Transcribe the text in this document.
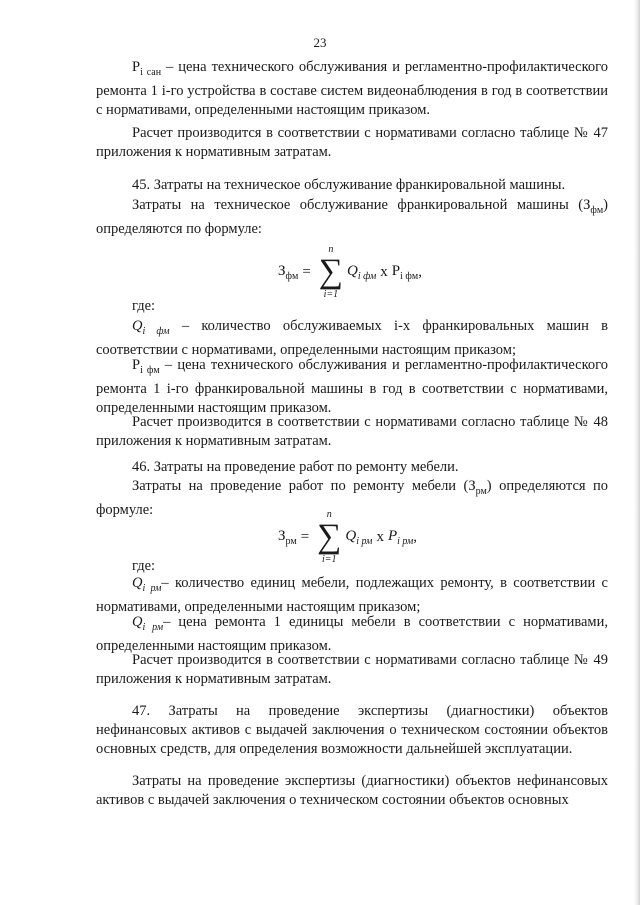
23
$P_{i сан}$ – цена технического обслуживания и регламентно-профилактического ремонта 1 i-го устройства в составе систем видеонаблюдения в год в соответствии с нормативами, определенными настоящим приказом.
Расчет производится в соответствии с нормативами согласно таблице № 47 приложения к нормативным затратам.
45. Затраты на техническое обслуживание франкировальной машины.
Затраты на техническое обслуживание франкировальной машины $(З_{фм})$ определяются по формуле:
$З_{фм}$ =
n
∑
i=1
$Q_{i фм}$ x $P_{i фм}$ ,
где:
$Q_{i фм}$ – количество обслуживаемых i-х франкировальных машин в соответствии с нормативами, определенными настоящим приказом;
$P_{i фм}$ – цена технического обслуживания и регламентно-профилактического ремонта 1 i-го франкировальной машины в год в соответствии с нормативами, определенными настоящим приказом.
Расчет производится в соответствии с нормативами согласно таблице № 48 приложения к нормативным затратам.
46. Затраты на проведение работ по ремонту мебели.
Затраты на проведение работ по ремонту мебели $(З_{рм})$ определяются по формуле:
$З_{рм}$ =
n
∑
i=1
$Q_{i рм}$ x $P_{i рм}$ ,
где:
$Q_{i рм}-$ количество единиц мебели, подлежащих ремонту, в соответствии с нормативами, определенными настоящим приказом;
$Q_{i рм}-$ цена ремонта 1 единицы мебели в соответствии с нормативами, определенными настоящим приказом.
Расчет производится в соответствии с нормативами согласно таблице № 49 приложения к нормативным затратам.
47. Затраты на проведение экспертизы (диагностики) объектов нефинансовых активов с выдачей заключения о техническом состоянии объектов основных средств, для определения возможности дальнейшей эксплуатации.
Затраты на проведение экспертизы (диагностики) объектов нефинансовых активов с выдачей заключения о техническом состоянии объектов основных
